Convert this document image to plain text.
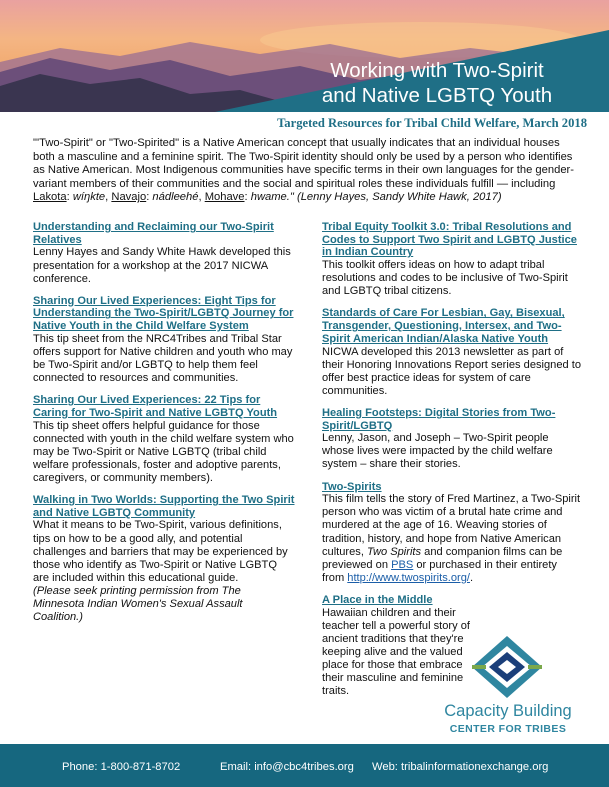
Working with Two-Spirit
and Native LGBTQ Youth
Targeted Resources for Tribal Child Welfare, March 2018
"'Two-Spirit" or "Two-Spirited" is a Native American concept that usually indicates that an individual houses both a masculine and a feminine spirit. The Two-Spirit identity should only be used by a person who identifies as Native American. Most Indigenous communities have specific terms in their own languages for the gender-variant members of their communities and the social and spiritual roles these individuals fulfill — including Lakota: wíŋkte, Navajo: nádleehé, Mohave: hwame." (Lenny Hayes, Sandy White Hawk, 2017)
Understanding and Reclaiming our Two-Spirit Relatives

Lenny Hayes and Sandy White Hawk developed this presentation for a workshop at the 2017 NICWA conference.

Sharing Our Lived Experiences: Eight Tips for Understanding the Two-Spirit/LGBTQ Journey for Native Youth in the Child Welfare System

This tip sheet from the NRC4Tribes and Tribal Star offers support for Native children and youth who may be Two-Spirit and/or LGBTQ to help them feel connected to resources and communities.

Sharing Our Lived Experiences: 22 Tips for Caring for Two-Spirit and Native LGBTQ Youth

This tip sheet offers helpful guidance for those connected with youth in the child welfare system who may be Two-Spirit or Native LGBTQ (tribal child welfare professionals, foster and adoptive parents, caregivers, or community members).

Walking in Two Worlds: Supporting the Two Spirit and Native LGBTQ Community

What it means to be Two-Spirit, various definitions, tips on how to be a good ally, and potential challenges and barriers that may be experienced by those who identify as Two-Spirit or Native LGBTQ are included within this educational guide.

(Please seek printing permission from The Minnesota Indian Women's Sexual Assault Coalition.)

Tribal Equity Toolkit 3.0: Tribal Resolutions and Codes to Support Two Spirit and LGBTQ Justice in Indian Country

This toolkit offers ideas on how to adapt tribal resolutions and codes to be inclusive of Two-Spirit and LGBTQ tribal citizens.

Standards of Care For Lesbian, Gay, Bisexual, Transgender, Questioning, Intersex, and Two-Spirit American Indian/Alaska Native Youth

NICWA developed this 2013 newsletter as part of their Honoring Innovations Report series designed to offer best practice ideas for system of care communities.

Healing Footsteps: Digital Stories from Two-Spirit/LGBTQ

Lenny, Jason, and Joseph – Two-Spirit people whose lives were impacted by the child welfare system – share their stories.

Two-Spirits

This film tells the story of Fred Martinez, a Two-Spirit person who was victim of a brutal hate crime and murdered at the age of 16. Weaving stories of tradition, history, and hope from Native American cultures, Two Spirits and companion films can be previewed on PBS or purchased in their entirety from http://www.twospirits.org/.

A Place in the Middle

Hawaiian children and their teacher tell a powerful story of ancient traditions that they're keeping alive and the valued place for those that embrace their masculine and feminine traits.

Capacity Building
CENTER FOR TRIBES
Phone: 1-800-871-8702	Email: info@cbc4tribes.org Web: tribalinformationexchange.org
